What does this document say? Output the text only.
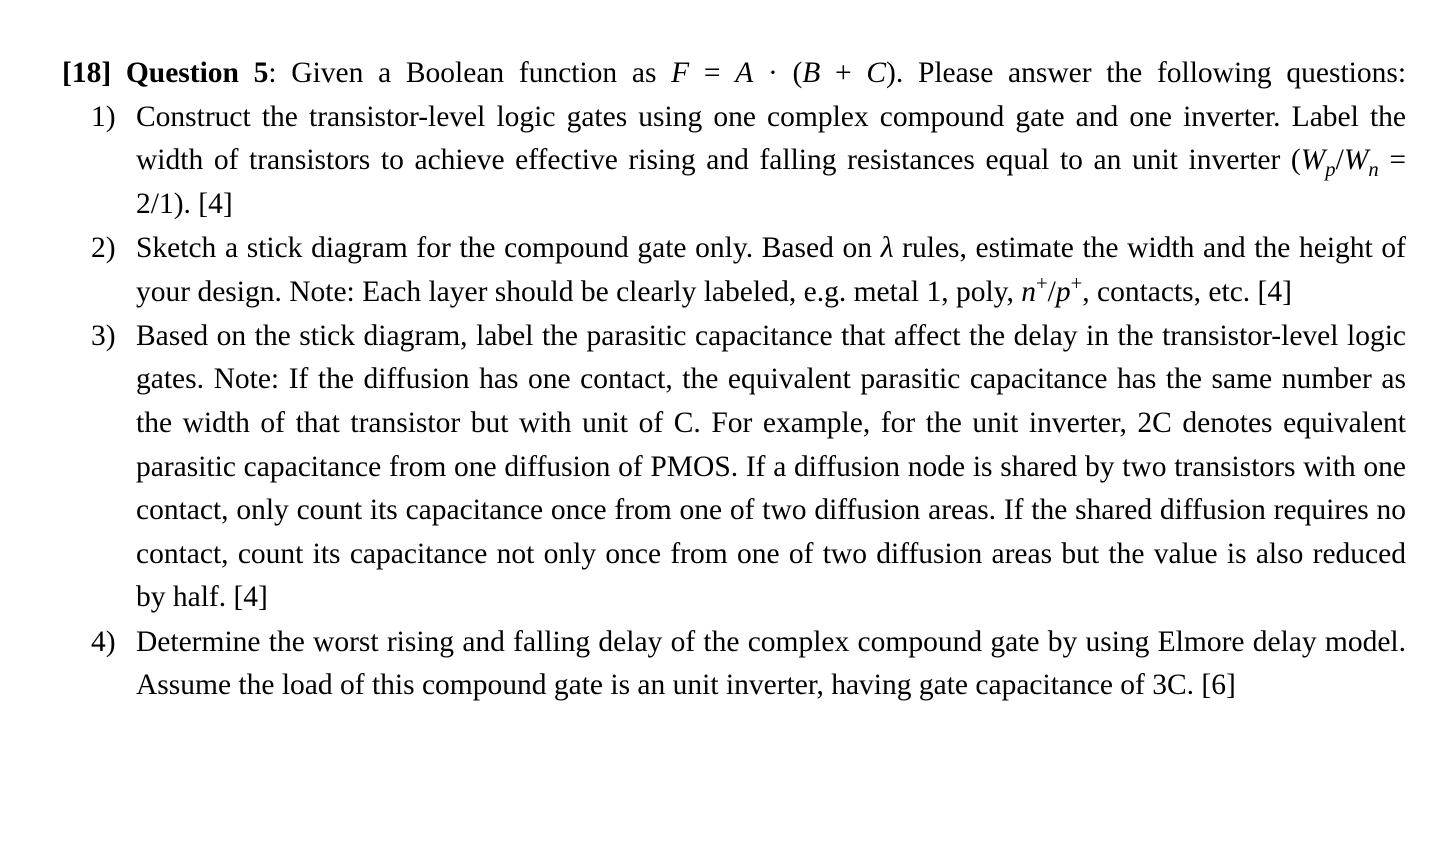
[18] Question 5: Given a Boolean function as F = A · (B + C). Please answer the following questions:
1) Construct the transistor-level logic gates using one complex compound gate and one inverter. Label the width of transistors to achieve effective rising and falling resistances equal to an unit inverter $(W_p/W_n = 2/1)$. [4]
2) Sketch a stick diagram for the compound gate only. Based on λ rules, estimate the width and the height of your design. Note: Each layer should be clearly labeled, e.g. metal 1, poly, n+/p+, contacts, etc. [4]
3) Based on the stick diagram, label the parasitic capacitance that affect the delay in the transistor-level logic gates. Note: If the diffusion has one contact, the equivalent parasitic capacitance has the same number as the width of that transistor but with unit of C. For example, for the unit inverter, 2C denotes equivalent parasitic capacitance from one diffusion of PMOS. If a diffusion node is shared by two transistors with one contact, only count its capacitance once from one of two diffusion areas. If the shared diffusion requires no contact, count its capacitance not only once from one of two diffusion areas but the value is also reduced by half. [4]
4) Determine the worst rising and falling delay of the complex compound gate by using Elmore delay model. Assume the load of this compound gate is an unit inverter, having gate capacitance of 3C. [6]
